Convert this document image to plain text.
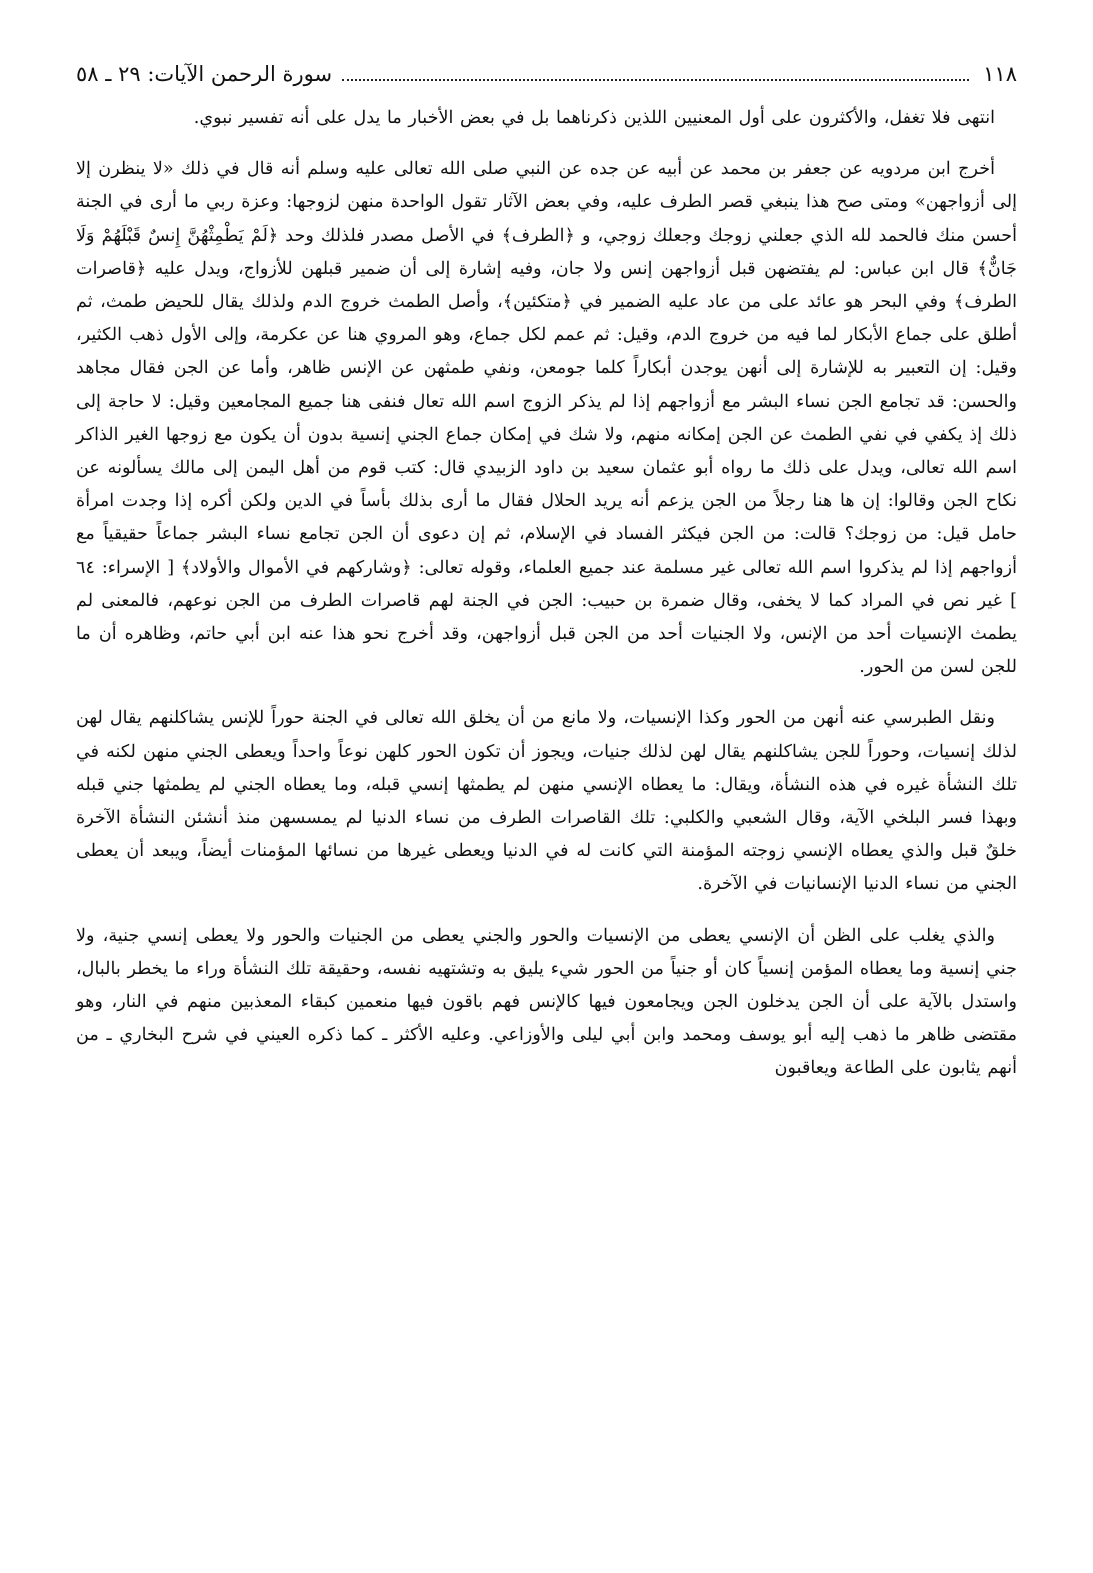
١١٨
سورة الرحمن الآيات: ٢٩ ـ ٥٨

انتهى فلا تغفل، والأكثرون على أول المعنيين اللذين ذكرناهما بل في بعض الأخبار ما يدل على أنه تفسير نبوي.

أخرج ابن مردويه عن جعفر بن محمد عن أبيه عن جده عن النبي صلى الله تعالى عليه وسلم أنه قال في ذلك «لا ينظرن إلا إلى أزواجهن» ومتى صح هذا ينبغي قصر الطرف عليه، وفي بعض الآثار تقول الواحدة منهن لزوجها: وعزة ربي ما أرى في الجنة أحسن منك فالحمد لله الذي جعلني زوجك وجعلك زوجي، و ﴿الطرف﴾ في الأصل مصدر فلذلك وحد ﴿لَمْ يَطْمِثْهُنَّ إِنسٌ قَبْلَهُمْ وَلَا جَانٌّ﴾ قال ابن عباس: لم يفتضهن قبل أزواجهن إنس ولا جان، وفيه إشارة إلى أن ضمير قبلهن للأزواج، ويدل عليه ﴿قاصرات الطرف﴾ وفي البحر هو عائد على من عاد عليه الضمير في ﴿متكئين﴾، وأصل الطمث خروج الدم ولذلك يقال للحيض طمث، ثم أطلق على جماع الأبكار لما فيه من خروج الدم، وقيل: ثم عمم لكل جماع، وهو المروي هنا عن عكرمة، وإلى الأول ذهب الكثير، وقيل: إن التعبير به للإشارة إلى أنهن يوجدن أبكاراً كلما جومعن، ونفي طمثهن عن الإنس ظاهر، وأما عن الجن فقال مجاهد والحسن: قد تجامع الجن نساء البشر مع أزواجهم إذا لم يذكر الزوج اسم الله تعال فنفى هنا جميع المجامعين وقيل: لا حاجة إلى ذلك إذ يكفي في نفي الطمث عن الجن إمكانه منهم، ولا شك في إمكان جماع الجني إنسية بدون أن يكون مع زوجها الغير الذاكر اسم الله تعالى، ويدل على ذلك ما رواه أبو عثمان سعيد بن داود الزبيدي قال: كتب قوم من أهل اليمن إلى مالك يسألونه عن نكاح الجن وقالوا: إن ها هنا رجلاً من الجن يزعم أنه يريد الحلال فقال ما أرى بذلك بأساً في الدين ولكن أكره إذا وجدت امرأة حامل قيل: من زوجك؟ قالت: من الجن فيكثر الفساد في الإسلام، ثم إن دعوى أن الجن تجامع نساء البشر جماعاً حقيقياً مع أزواجهم إذا لم يذكروا اسم الله تعالى غير مسلمة عند جميع العلماء، وقوله تعالى: ﴿وشاركهم في الأموال والأولاد﴾ [ الإسراء: ٦٤ ] غير نص في المراد كما لا يخفى، وقال ضمرة بن حبيب: الجن في الجنة لهم قاصرات الطرف من الجن نوعهم، فالمعنى لم يطمث الإنسيات أحد من الإنس، ولا الجنيات أحد من الجن قبل أزواجهن، وقد أخرج نحو هذا عنه ابن أبي حاتم، وظاهره أن ما للجن لسن من الحور.

ونقل الطبرسي عنه أنهن من الحور وكذا الإنسيات، ولا مانع من أن يخلق الله تعالى في الجنة حوراً للإنس يشاكلنهم يقال لهن لذلك إنسيات، وحوراً للجن يشاكلنهم يقال لهن لذلك جنيات، ويجوز أن تكون الحور كلهن نوعاً واحداً ويعطى الجني منهن لكنه في تلك النشأة غيره في هذه النشأة، ويقال: ما يعطاه الإنسي منهن لم يطمثها إنسي قبله، وما يعطاه الجني لم يطمثها جني قبله وبهذا فسر البلخي الآية، وقال الشعبي والكلبي: تلك القاصرات الطرف من نساء الدنيا لم يمسسهن منذ أنشئن النشأة الآخرة خلقٌ قبل والذي يعطاه الإنسي زوجته المؤمنة التي كانت له في الدنيا ويعطى غيرها من نسائها المؤمنات أيضاً، ويبعد أن يعطى الجني من نساء الدنيا الإنسانيات في الآخرة.

والذي يغلب على الظن أن الإنسي يعطى من الإنسيات والحور والجني يعطى من الجنيات والحور ولا يعطى إنسي جنية، ولا جني إنسية وما يعطاه المؤمن إنسياً كان أو جنياً من الحور شيء يليق به وتشتهيه نفسه، وحقيقة تلك النشأة وراء ما يخطر بالبال، واستدل بالآية على أن الجن يدخلون الجن ويجامعون فيها كالإنس فهم باقون فيها منعمين كبقاء المعذبين منهم في النار، وهو مقتضى ظاهر ما ذهب إليه أبو يوسف ومحمد وابن أبي ليلى والأوزاعي. وعليه الأكثر ـ كما ذكره العيني في شرح البخاري ـ من أنهم يثابون على الطاعة ويعاقبون
